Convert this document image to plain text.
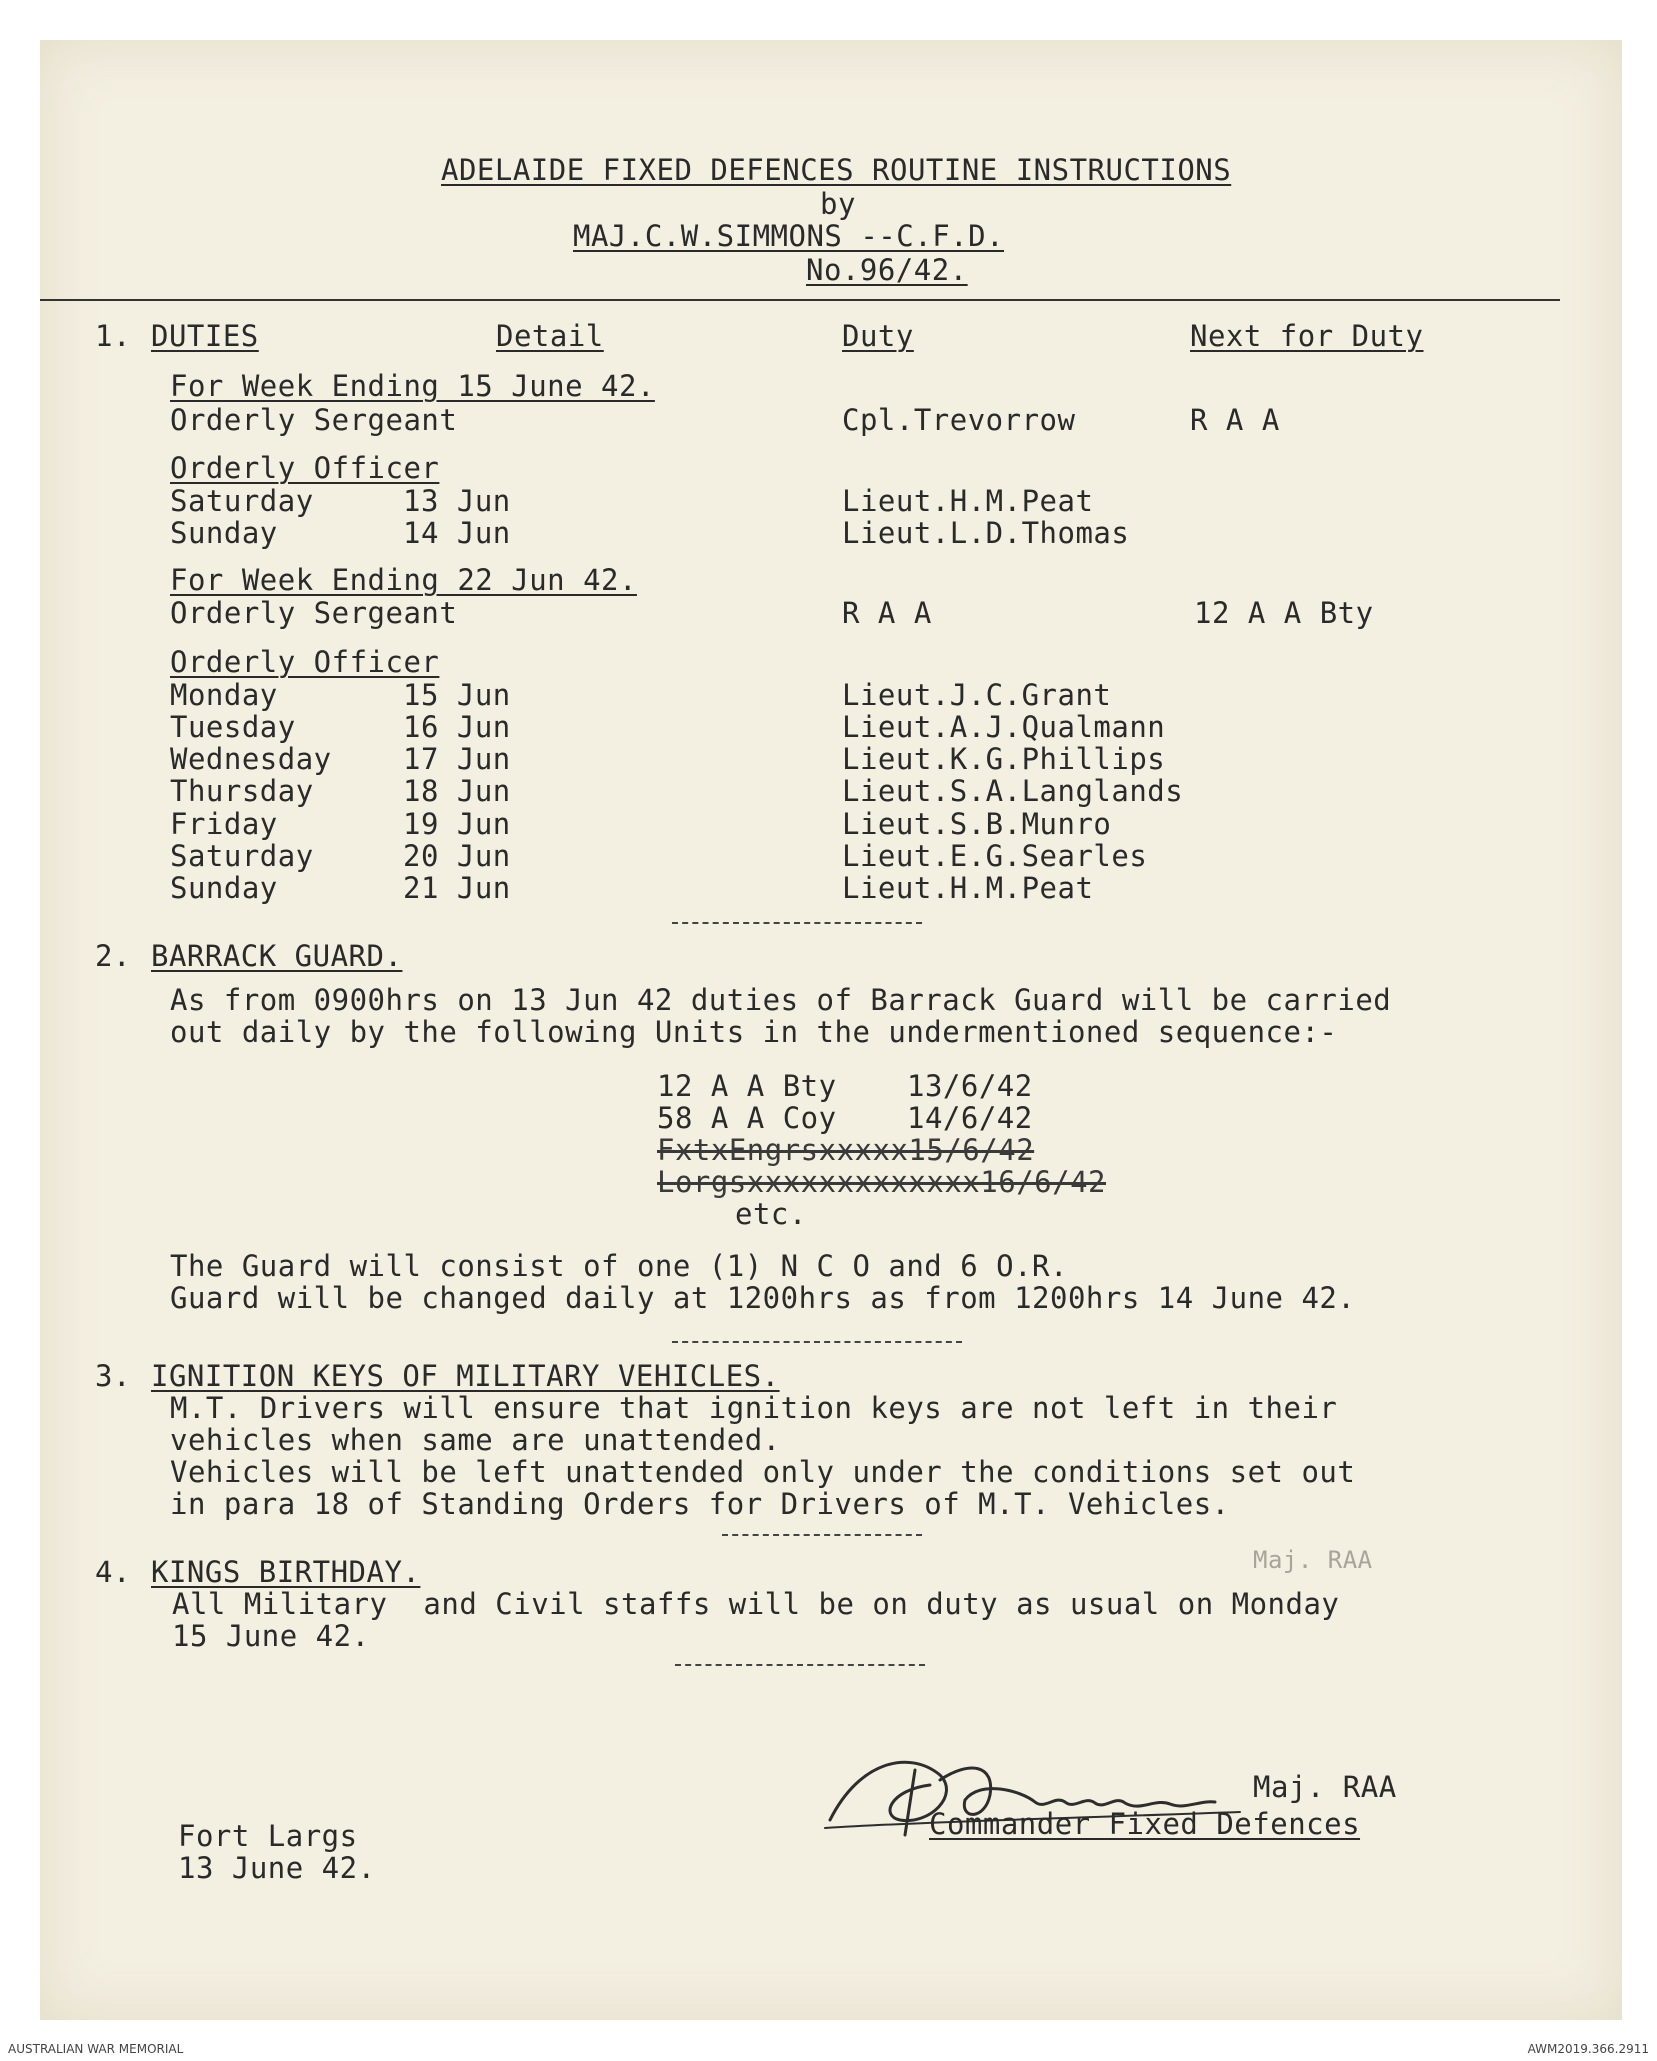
ADELAIDE FIXED DEFENCES ROUTINE INSTRUCTIONS
by
MAJ.C.W.SIMMONS --C.F.D.
No.96/42.
1. DUTIES	Detail	Duty	Next for Duty
For Week Ending 15 June 42.
Orderly Sergeant	Cpl.Trevorrow	R A A
Orderly Officer
Saturday	13 Jun	Lieut.H.M.Peat
Sunday	14 Jun	Lieut.L.D.Thomas
For Week Ending 22 Jun 42.
Orderly Sergeant	R A A	12 A A Bty
Orderly Officer
Monday	15 Jun	Lieut.J.C.Grant
Tuesday	16 Jun	Lieut.A.J.Qualmann
Wednesday 17 Jun	Lieut.K.G.Phillips
Thursday	18 Jun	Lieut.S.A.Langlands
Friday	19 Jun	Lieut.S.B.Munro
Saturday	20 Jun	Lieut.E.G.Searles
Sunday	21 Jun	Lieut.H.M.Peat
2. BARRACK GUARD.
As from 0900hrs on 13 Jun 42 duties of Barrack Guard will be carried
out daily by the following Units in the undermentioned sequence:-
12 A A Bty 13/6/42
58 A A Coy 14/6/42
FxtxEngrsxxxxx15/6/42
Lorgsxxxxxxxxxxxxx16/6/42
etc.
The Guard will consist of one (1) N C O and 6 O.R.
Guard will be changed daily at 1200hrs as from 1200hrs 14 June 42.
3. IGNITION KEYS OF MILITARY VEHICLES.
M.T. Drivers will ensure that ignition keys are not left in their
vehicles when same are unattended.
Vehicles will be left unattended only under the conditions set out
in para 18 of Standing Orders for Drivers of M.T. Vehicles.
4. KINGS BIRTHDAY.	Maj. RAA
All Military  and Civil staffs will be on duty as usual on Monday
15 June 42.
CWSimmons
Maj. RAA
Commander Fixed Defences
Fort Largs
13 June 42.
AUSTRALIAN WAR MEMORIAL	AWM2019.366.2911
